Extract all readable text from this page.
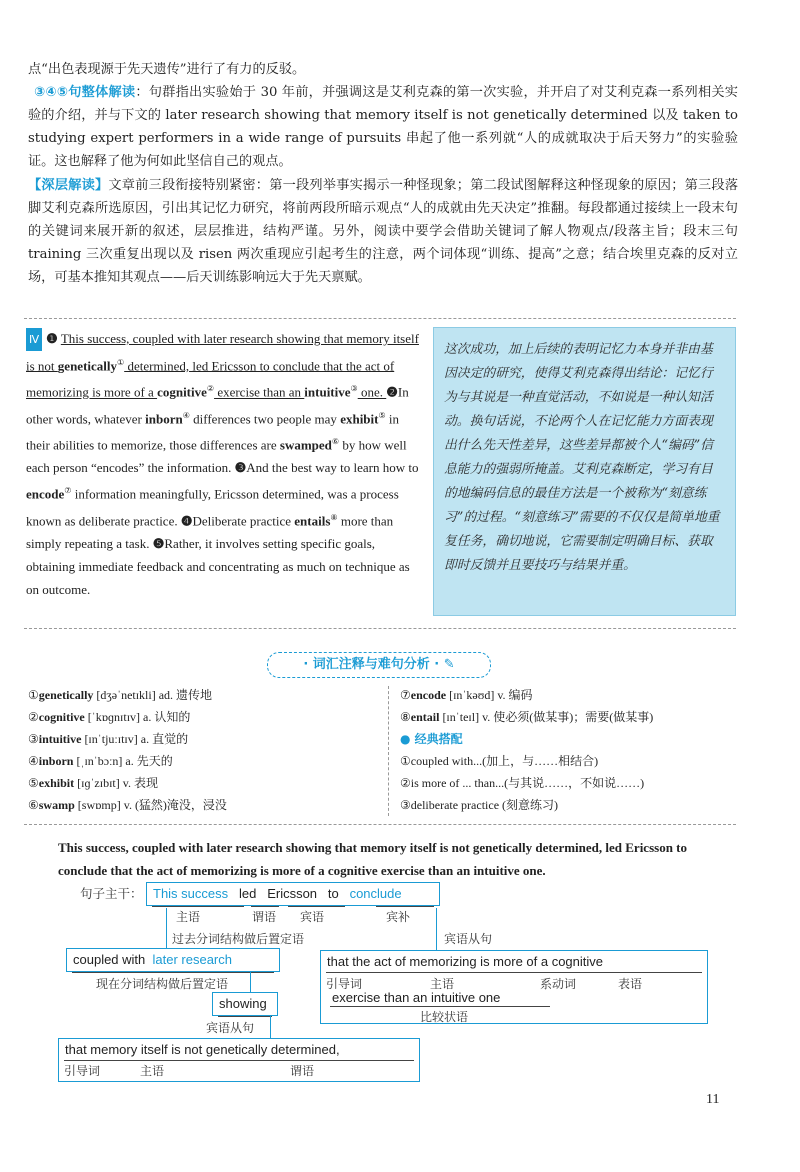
点“出色表现源于先天遗传”进行了有力的反驳。

③④⑤句整体解读：句群指出实验始于 30 年前，并强调这是艾利克森的第一次实验，并开启了对艾利克森一系列相关实验的介绍，并与下文的 later research showing that memory itself is not genetically determined 以及 taken to studying expert performers in a wide range of pursuits 串起了他一系列就“人的成就取决于后天努力”的实验验证。这也解释了他为何如此坚信自己的观点。

【深层解读】文章前三段衔接特别紧密：第一段列举事实揭示一种怪现象；第二段试图解释这种怪现象的原因；第三段落脚艾利克森所选原因，引出其记忆力研究，将前两段所暗示观点“人的成就由先天决定”推翻。每段都通过接续上一段末句的关键词来展开新的叙述，层层推进，结构严谨。另外，阅读中要学会借助关键词了解人物观点/段落主旨；段末三句 training 三次重复出现以及 risen 两次重现应引起考生的注意，两个词体现“训练、提高”之意；结合埃里克森的反对立场，可基本推知其观点——后天训练影响远大于先天禀赋。

Ⅳ ❶ This success, coupled with later research showing that memory itself is not genetically① determined, led Ericsson to conclude that the act of memorizing is more of a cognitive② exercise than an intuitive③ one. ❷In other words, whatever inborn④ differences two people may exhibit⑤ in their abilities to memorize, those differences are swamped⑥ by how well each person “encodes” the information. ❸And the best way to learn how to encode⑦ information meaningfully, Ericsson determined, was a process known as deliberate practice. ❹Deliberate practice entails⑧ more than simply repeating a task. ❺Rather, it involves setting specific goals, obtaining immediate feedback and concentrating as much on technique as on outcome.
这次成功，加上后续的表明记忆力本身并非由基因决定的研究，使得艾利克森得出结论：记忆行为与其说是一种直觉活动，不如说是一种认知活动。换句话说，不论两个人在记忆能力方面表现出什么先天性差异，这些差异都被个人“编码”信息能力的强弱所掩盖。艾利克森断定，学习有目的地编码信息的最佳方法是一个被称为“刻意练习”的过程。“刻意练习”需要的不仅仅是简单地重复任务，确切地说，它需要制定明确目标、获取即时反馈并且要技巧与结果并重。
· 词汇注释与难句分析 · ✎
①genetically [dʒəˈnetɪkli] ad. 遗传地
②cognitive [ˈkɒɡnɪtɪv] a. 认知的
③intuitive [ɪnˈtjuːɪtɪv] a. 直觉的
④inborn [ˌɪnˈbɔːn] a. 先天的
⑤exhibit [ɪɡˈzɪbɪt] v. 表现
⑥swamp [swɒmp] v. (猛然)淹没，浸没
⑦encode [ɪnˈkəʊd] v. 编码
⑧entail [ɪnˈteɪl] v. 使必须(做某事)；需要(做某事)
● 经典搭配
①coupled with...(加上，与……相结合)
②is more of ... than...(与其说……，不如说……)
③deliberate practice (刻意练习)
This success, coupled with later research showing that memory itself is not genetically determined, led Ericsson to conclude that the act of memorizing is more of a cognitive exercise than an intuitive one.
句子主干： This success led Ericsson to conclude
主语	谓语 宾语	宾补
过去分词结构做后置定语	宾语从句
coupled with later research
现在分词结构做后置定语
that the act of memorizing is more of a cognitive
引导词	主语	系动词	表语
exercise than an intuitive one
比较状语
showing
宾语从句
that memory itself is not genetically determined,
引导词	主语	谓语
11
